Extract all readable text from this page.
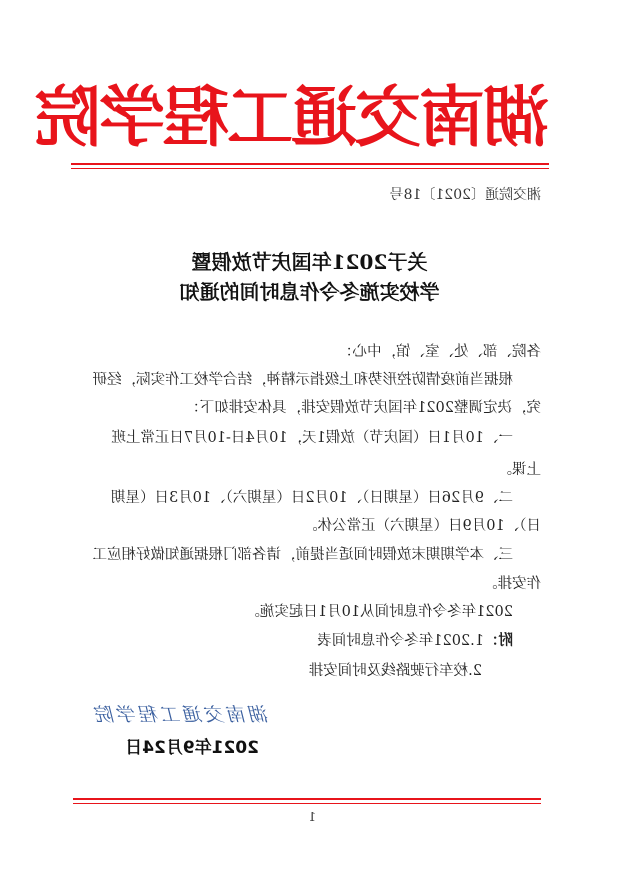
湖南交通工程学院
湘交院通〔2021〕18号
关于2021年国庆节放假暨
学校实施冬令作息时间的通知
各院、部、处、室、馆，中心：
根据当前疫情防控形势和上级指示精神，结合学校工作实际，经研
究，决定调整2021年国庆节放假安排，具体安排如下：
一、10月1日（国庆节）放假1天，10月4日-10月7日正常上班
上课。
二、9月26日（星期日）、10月2日（星期六）、10月3日（星期
日）、10月9日（星期六）正常公休。
三、本学期期末放假时间适当提前，请各部门根据通知做好相应工
作安排。
2021年冬令作息时间从10月1日起实施。
附：1.2021年冬令作息时间表
2.校车行驶路线及时间安排
湖南交通工程学院
2021年9月24日
1
